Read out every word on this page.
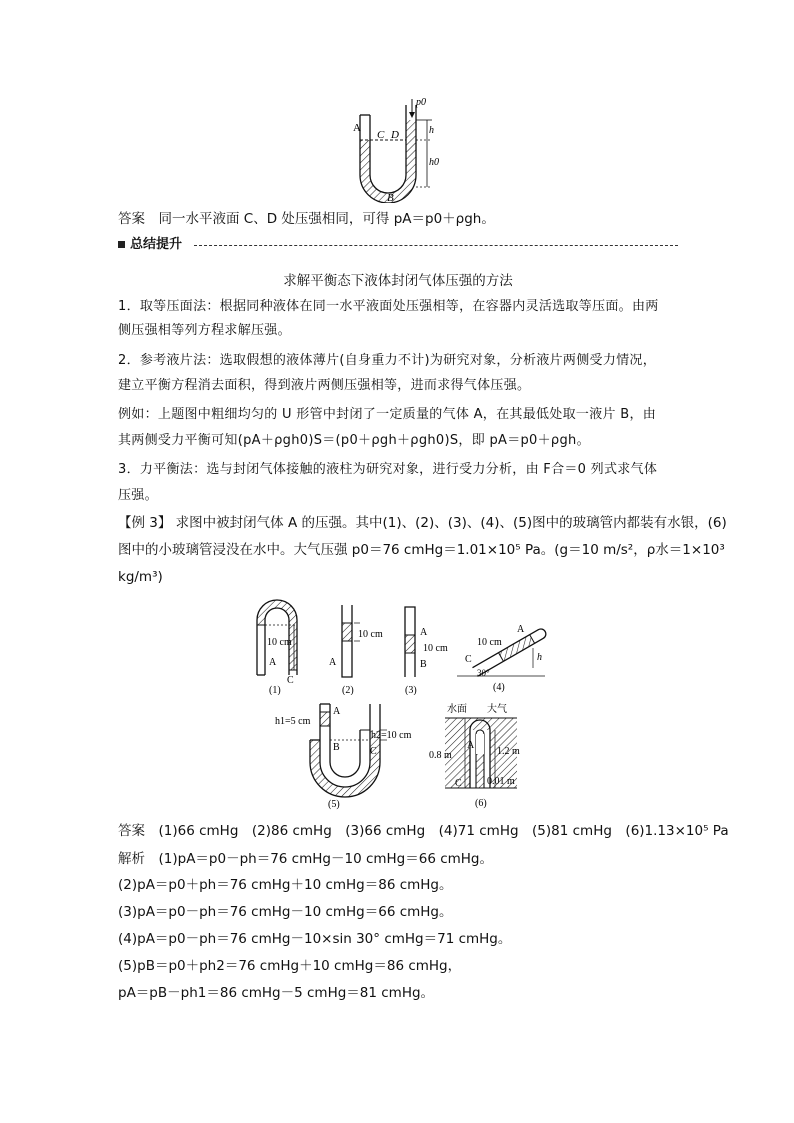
A
C D
B
p0
h
h0
答案　同一水平液面 C、D 处压强相同，可得 pA＝p0＋ρgh。
总结提升
求解平衡态下液体封闭气体压强的方法
1．取等压面法：根据同种液体在同一水平液面处压强相等，在容器内灵活选取等压面。由两
侧压强相等列方程求解压强。
2．参考液片法：选取假想的液体薄片(自身重力不计)为研究对象，分析液片两侧受力情况，
建立平衡方程消去面积，得到液片两侧压强相等，进而求得气体压强。
例如：上题图中粗细均匀的 U 形管中封闭了一定质量的气体 A，在其最低处取一液片 B，由
其两侧受力平衡可知(pA＋ρgh0)S＝(p0＋ρgh＋ρgh0)S，即 pA＝p0＋ρgh。
3．力平衡法：选与封闭气体接触的液柱为研究对象，进行受力分析，由 F合＝0 列式求气体
压强。
【例 3】 求图中被封闭气体 A 的压强。其中(1)、(2)、(3)、(4)、(5)图中的玻璃管内都装有水银，(6)
图中的小玻璃管浸没在水中。大气压强 p0＝76 cmHg＝1.01×10⁵ Pa。(g＝10 m/s²，ρ水＝1×10³
kg/m³)
10 cm
A
C
(1)
10 cm
A
(2)
A
10 cm
B
(3)
10 cm
A
C	h
30°
(4)
h1=5 cm
h2=10 cm
A
B	C
(5)
水面 大气
A
C
0.8 m	1.2 m
0.01 m
(6)
答案　(1)66 cmHg　(2)86 cmHg　(3)66 cmHg　(4)71 cmHg　(5)81 cmHg　(6)1.13×10⁵ Pa
解析　(1)pA＝p0－ph＝76 cmHg－10 cmHg＝66 cmHg。
(2)pA＝p0＋ph＝76 cmHg＋10 cmHg＝86 cmHg。
(3)pA＝p0－ph＝76 cmHg－10 cmHg＝66 cmHg。
(4)pA＝p0－ph＝76 cmHg－10×sin 30° cmHg＝71 cmHg。
(5)pB＝p0＋ph2＝76 cmHg＋10 cmHg＝86 cmHg，
pA＝pB－ph1＝86 cmHg－5 cmHg＝81 cmHg。
